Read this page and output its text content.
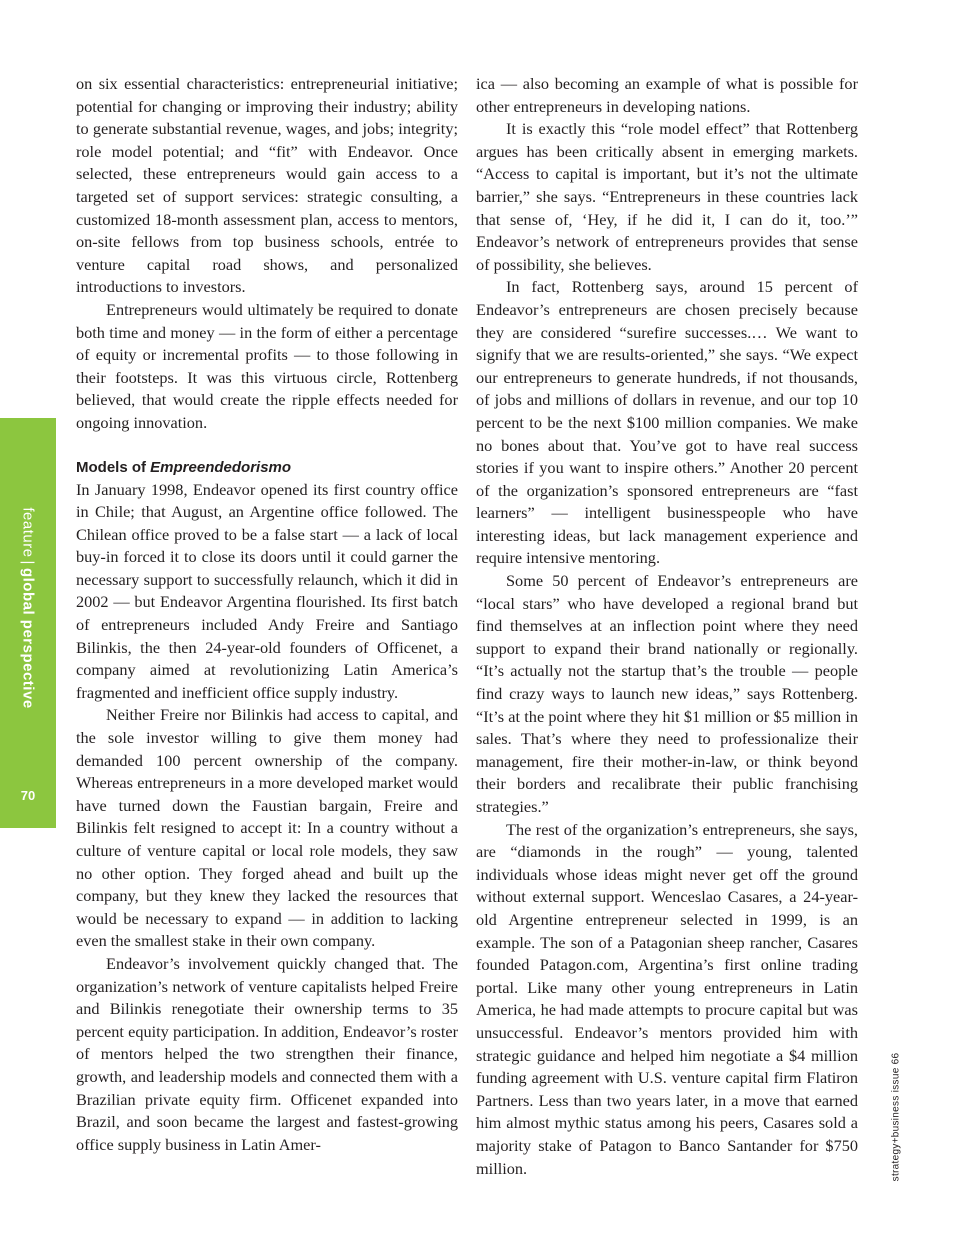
feature|global perspective
70

on six essential characteristics: entrepreneurial initiative; potential for changing or improving their industry; ability to generate substantial revenue, wages, and jobs; integrity; role model potential; and “fit” with Endeavor. Once selected, these entrepreneurs would gain access to a targeted set of support services: strategic consulting, a customized 18-month assessment plan, access to mentors, on-site fellows from top business schools, entrée to venture capital road shows, and personalized introductions to investors.

Entrepreneurs would ultimately be required to donate both time and money — in the form of either a percentage of equity or incremental profits — to those following in their footsteps. It was this virtuous circle, Rottenberg believed, that would create the ripple effects needed for ongoing innovation.

Models of Empreendedorismo

In January 1998, Endeavor opened its first country office in Chile; that August, an Argentine office followed. The Chilean office proved to be a false start — a lack of local buy-in forced it to close its doors until it could garner the necessary support to successfully relaunch, which it did in 2002 — but Endeavor Argentina flourished. Its first batch of entrepreneurs included Andy Freire and Santiago Bilinkis, the then 24-year-old founders of Officenet, a company aimed at revolutionizing Latin America’s fragmented and inefficient office supply industry.

Neither Freire nor Bilinkis had access to capital, and the sole investor willing to give them money had demanded 100 percent ownership of the company. Whereas entrepreneurs in a more developed market would have turned down the Faustian bargain, Freire and Bilinkis felt resigned to accept it: In a country without a culture of venture capital or local role models, they saw no other option. They forged ahead and built up the company, but they knew they lacked the resources that would be necessary to expand — in addition to lacking even the smallest stake in their own company.

Endeavor’s involvement quickly changed that. The organization’s network of venture capitalists helped Freire and Bilinkis renegotiate their ownership terms to 35 percent equity participation. In addition, Endeavor’s roster of mentors helped the two strengthen their finance, growth, and leadership models and connected them with a Brazilian private equity firm. Officenet expanded into Brazil, and soon became the largest and fastest-growing office supply business in Latin Amer-

ica — also becoming an example of what is possible for other entrepreneurs in developing nations.

It is exactly this “role model effect” that Rottenberg argues has been critically absent in emerging markets. “Access to capital is important, but it’s not the ultimate barrier,” she says. “Entrepreneurs in these countries lack that sense of, ‘Hey, if he did it, I can do it, too.’” Endeavor’s network of entrepreneurs provides that sense of possibility, she believes.

In fact, Rottenberg says, around 15 percent of Endeavor’s entrepreneurs are chosen precisely because they are considered “surefire successes.… We want to signify that we are results-oriented,” she says. “We expect our entrepreneurs to generate hundreds, if not thousands, of jobs and millions of dollars in revenue, and our top 10 percent to be the next $100 million companies. We make no bones about that. You’ve got to have real success stories if you want to inspire others.” Another 20 percent of the organization’s sponsored entrepreneurs are “fast learners” — intelligent businesspeople who have interesting ideas, but lack management experience and require intensive mentoring.

Some 50 percent of Endeavor’s entrepreneurs are “local stars” who have developed a regional brand but find themselves at an inflection point where they need support to expand their brand nationally or regionally. “It’s actually not the startup that’s the trouble — people find crazy ways to launch new ideas,” says Rottenberg. “It’s at the point where they hit $1 million or $5 million in sales. That’s where they need to professionalize their management, fire their mother-in-law, or think beyond their borders and recalibrate their public franchising strategies.”

The rest of the organization’s entrepreneurs, she says, are “diamonds in the rough” — young, talented individuals whose ideas might never get off the ground without external support. Wenceslao Casares, a 24-year-old Argentine entrepreneur selected in 1999, is an example. The son of a Patagonian sheep rancher, Casares founded Patagon.com, Argentina’s first online trading portal. Like many other young entrepreneurs in Latin America, he had made attempts to procure capital but was unsuccessful. Endeavor’s mentors provided him with strategic guidance and helped him negotiate a $4 million funding agreement with U.S. venture capital firm Flatiron Partners. Less than two years later, in a move that earned him almost mythic status among his peers, Casares sold a majority stake of Patagon to Banco Santander for $750 million.	strategy+business issue 66
